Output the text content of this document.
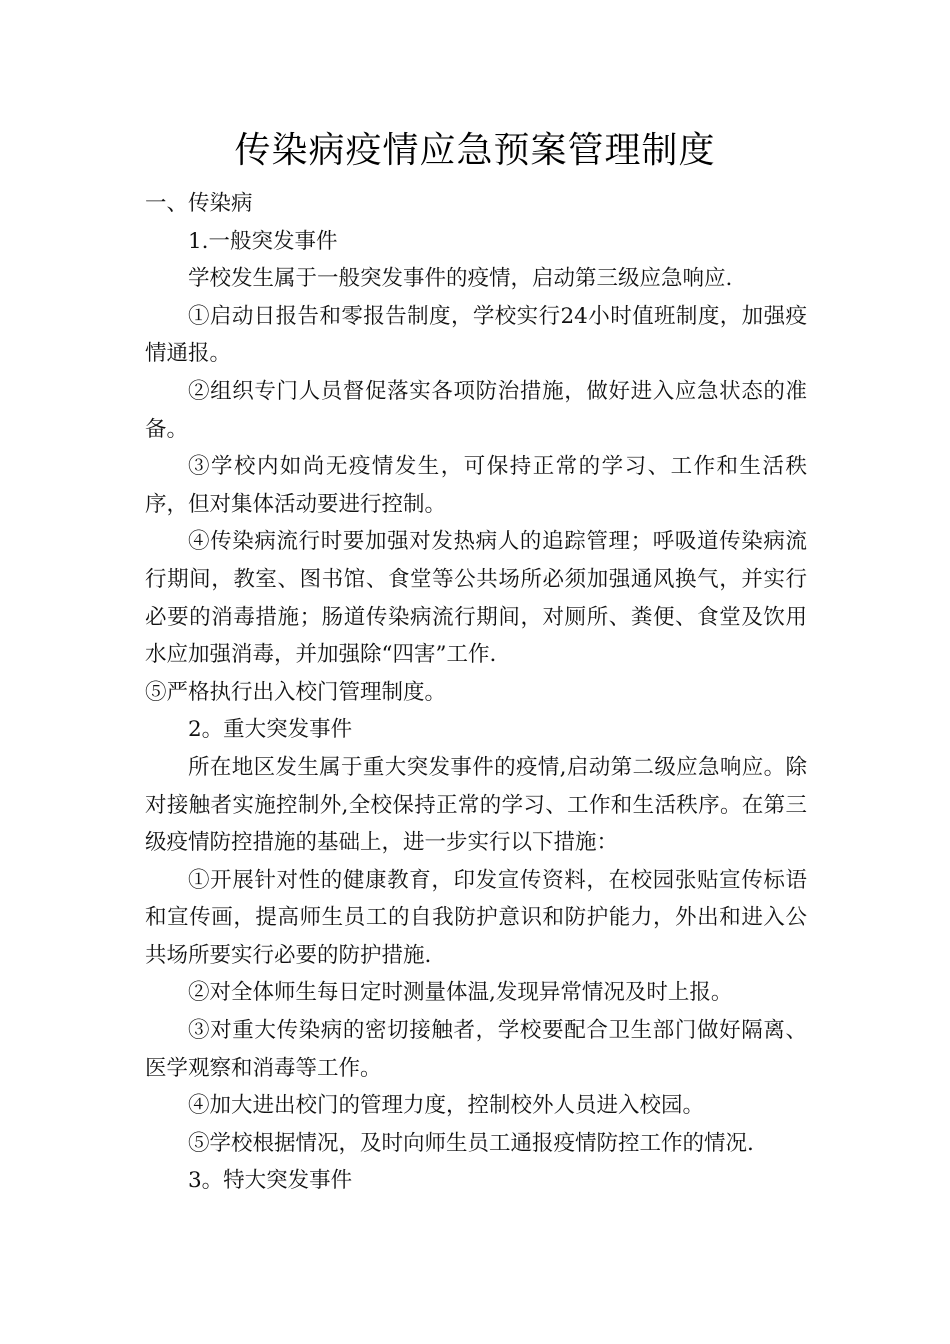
传染病疫情应急预案管理制度

一、传染病

1.一般突发事件

学校发生属于一般突发事件的疫情，启动第三级应急响应.

①启动日报告和零报告制度，学校实行24小时值班制度，加强疫情通报。

②组织专门人员督促落实各项防治措施，做好进入应急状态的准备。

③学校内如尚无疫情发生，可保持正常的学习、工作和生活秩序，但对集体活动要进行控制。

④传染病流行时要加强对发热病人的追踪管理；呼吸道传染病流行期间，教室、图书馆、食堂等公共场所必须加强通风换气，并实行必要的消毒措施；肠道传染病流行期间，对厕所、粪便、食堂及饮用水应加强消毒，并加强除“四害”工作.

⑤严格执行出入校门管理制度。

2。重大突发事件

所在地区发生属于重大突发事件的疫情,启动第二级应急响应。除对接触者实施控制外,全校保持正常的学习、工作和生活秩序。在第三级疫情防控措施的基础上，进一步实行以下措施：

①开展针对性的健康教育，印发宣传资料，在校园张贴宣传标语和宣传画，提高师生员工的自我防护意识和防护能力，外出和进入公共场所要实行必要的防护措施.

②对全体师生每日定时测量体温,发现异常情况及时上报。

③对重大传染病的密切接触者，学校要配合卫生部门做好隔离、医学观察和消毒等工作。

④加大进出校门的管理力度，控制校外人员进入校园。

⑤学校根据情况，及时向师生员工通报疫情防控工作的情况.

3。特大突发事件
